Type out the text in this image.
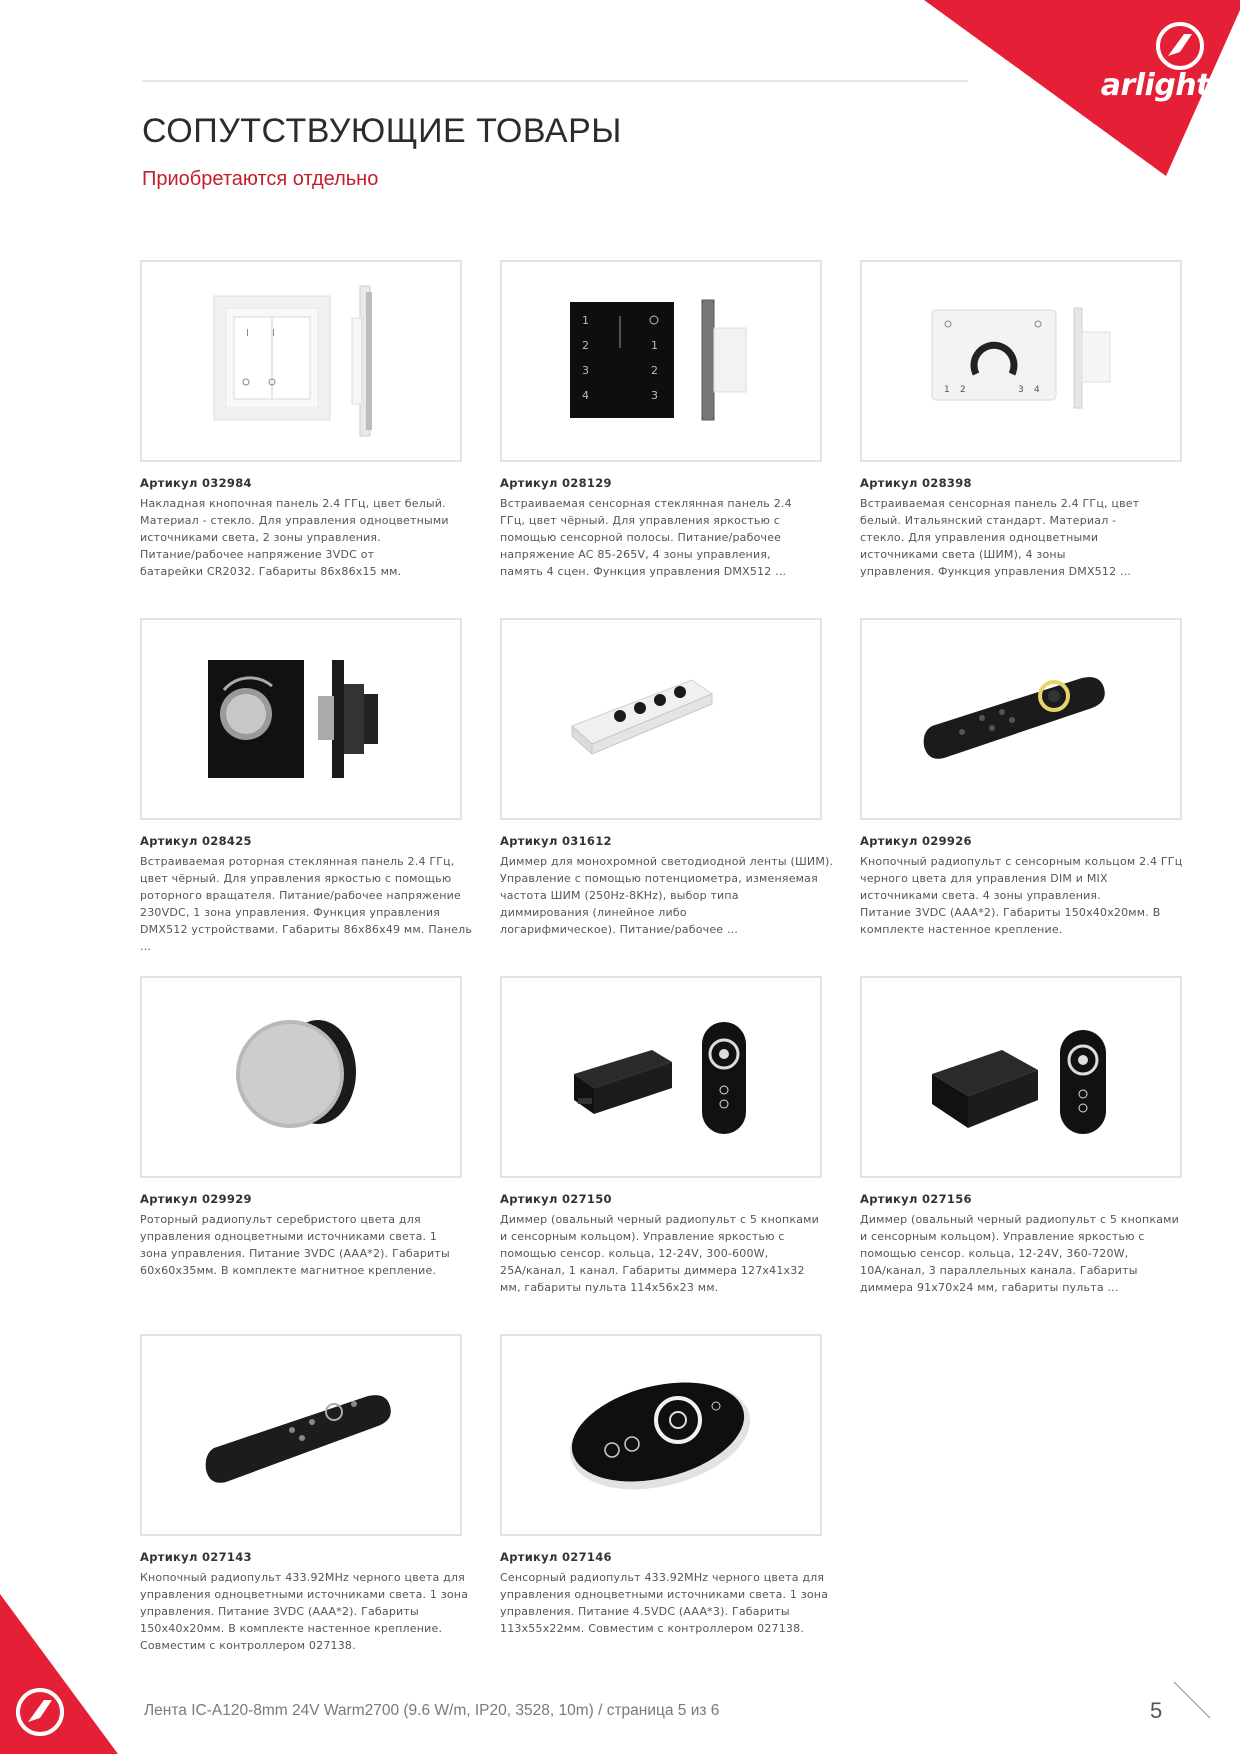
arlight
СОПУТСТВУЮЩИЕ ТОВАРЫ
Приобретаются отдельно
I I
Артикул 032984
Накладная кнопочная панель 2.4 ГГц, цвет белый.
Материал - стекло. Для управления одноцветными
источниками света, 2 зоны управления.
Питание/рабочее напряжение 3VDC от
батарейки CR2032. Габариты 86x86x15 мм.
1
2
3
4
1
2
3
Артикул 028129
Встраиваемая сенсорная стеклянная панель 2.4
ГГц, цвет чёрный. Для управления яркостью с
помощью сенсорной полосы. Питание/рабочее
напряжение AC 85-265V, 4 зоны управления,
память 4 сцен. Функция управления DMX512 ...
1 2	3 4
Артикул 028398
Встраиваемая сенсорная панель 2.4 ГГц, цвет
белый. Итальянский стандарт. Материал -
стекло. Для управления одноцветными
источниками света (ШИМ), 4 зоны
управления. Функция управления DMX512 ...
Артикул 028425
Встраиваемая роторная стеклянная панель 2.4 ГГц,
цвет чёрный. Для управления яркостью с помощью
роторного вращателя. Питание/рабочее напряжение
230VDC, 1 зона управления. Функция управления
DMX512 устройствами. Габариты 86x86x49 мм. Панель ...
Артикул 031612
Диммер для монохромной светодиодной ленты (ШИМ).
Управление с помощью потенциометра, изменяемая
частота ШИМ (250Hz-8KHz), выбор типа
диммирования (линейное либо
логарифмическое). Питание/рабочее ...
Артикул 029926
Кнопочный радиопульт с сенсорным кольцом 2.4 ГГц
черного цвета для управления DIM и MIX
источниками света. 4 зоны управления.
Питание 3VDC (AAA*2). Габариты 150x40x20мм. В
комплекте настенное крепление.
Артикул 029929
Роторный радиопульт серебристоrо цвета для
управления одноцветными источниками света. 1
зона управления. Питание 3VDC (AAA*2). Габариты
60x60x35мм. В комплекте магнитное крепление.
Артикул 027150
Диммер (овальный черный радиопульт с 5 кнопками
и сенсорным кольцом). Управление яркостью с
помощью сенсор. кольца, 12-24V, 300-600W,
25A/канал, 1 канал. Габариты диммера 127x41x32
мм, габариты пульта 114x56x23 мм.
Артикул 027156
Диммер (овальный черный радиопульт с 5 кнопками
и сенсорным кольцом). Управление яркостью с
помощью сенсор. кольца, 12-24V, 360-720W,
10A/канал, 3 параллельных канала. Габариты
диммера 91x70x24 мм, габариты пульта ...
Артикул 027143
Кнопочный радиопульт 433.92MHz черного цвета для
управления одноцветными источниками света. 1 зона
управления. Питание 3VDC (AAA*2). Габариты
150x40x20мм. В комплекте настенное крепление.
Совместим с контроллером 027138.
Артикул 027146
Сенсорный радиопульт 433.92MHz черного цвета для
управления одноцветными источниками света. 1 зона
управления. Питание 4.5VDC (AAA*3). Габариты
113x55x22мм. Совместим с контроллером 027138.
Лента IC-A120-8mm 24V Warm2700 (9.6 W/m, IP20, 3528, 10m) / страница 5 из 6	5
